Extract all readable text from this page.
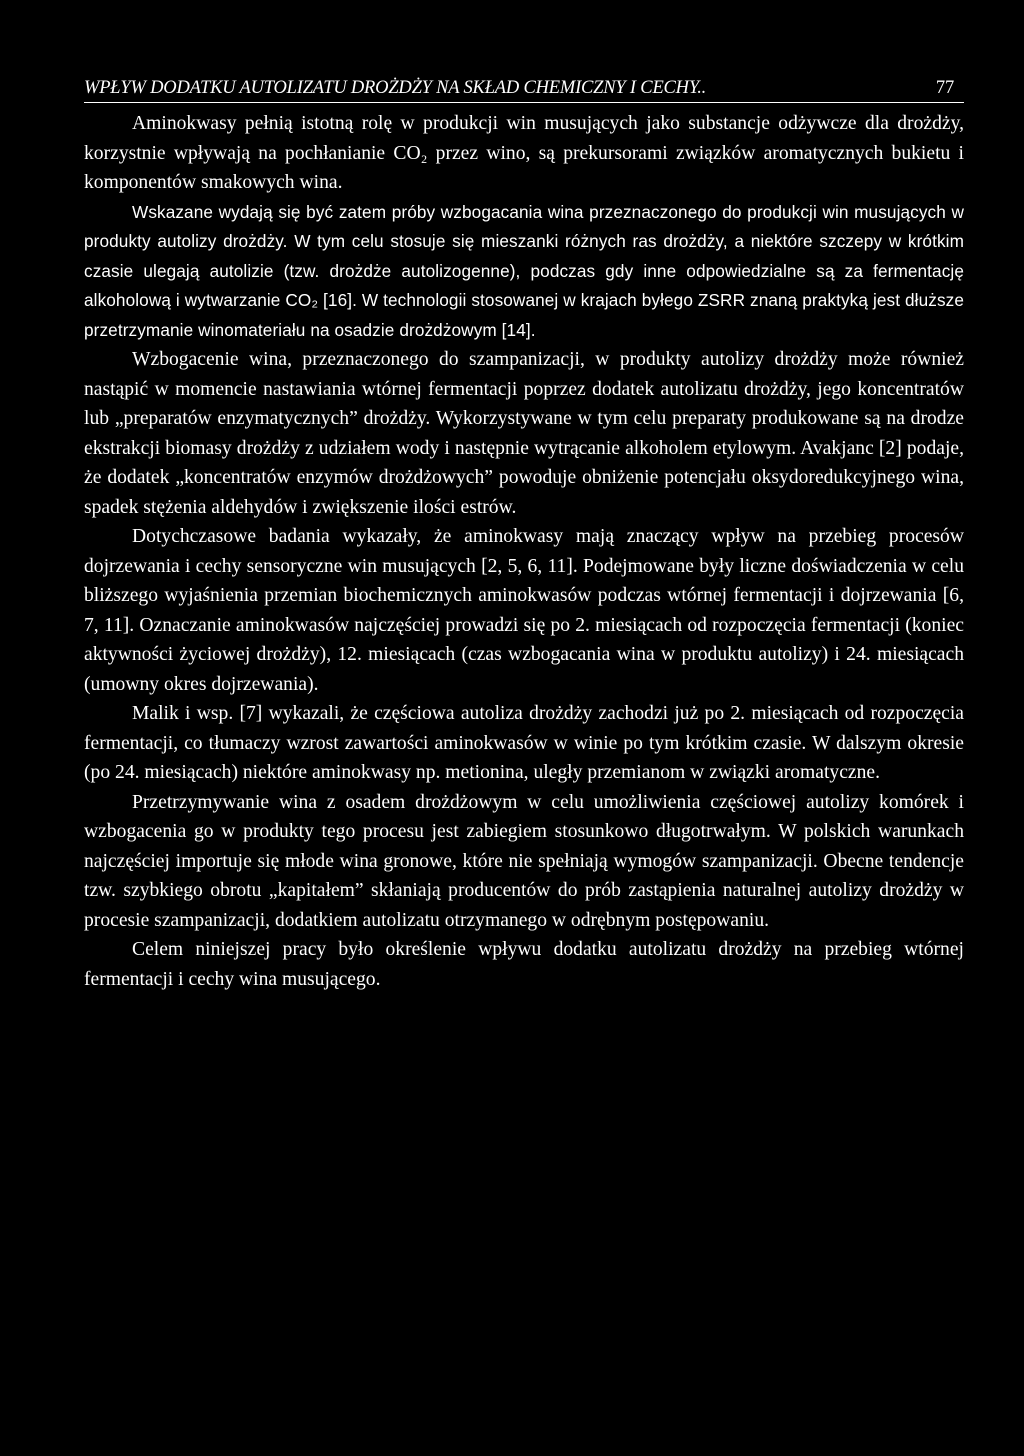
WPŁYW DODATKU AUTOLIZATU DROŻDŻY NA SKŁAD CHEMICZNY I CECHY..	77

Aminokwasy pełnią istotną rolę w produkcji win musujących jako substancje odżywcze dla drożdży, korzystnie wpływają na pochłanianie CO₂ przez wino, są prekursorami związków aromatycznych bukietu i komponentów smakowych wina.

Wskazane wydają się być zatem próby wzbogacania wina przeznaczonego do produkcji win musujących w produkty autolizy drożdży. W tym celu stosuje się mieszanki różnych ras drożdży, a niektóre szczepy w krótkim czasie ulegają autolizie (tzw. drożdże autolizogenne), podczas gdy inne odpowiedzialne są za fermentację alkoholową i wytwarzanie CO₂ [16]. W technologii stosowanej w krajach byłego ZSRR znaną praktyką jest dłuższe przetrzymanie winomateriału na osadzie drożdżowym [14].

Wzbogacenie wina, przeznaczonego do szampanizacji, w produkty autolizy drożdży może również nastąpić w momencie nastawiania wtórnej fermentacji poprzez dodatek autolizatu drożdży, jego koncentratów lub „preparatów enzymatycznych” drożdży. Wykorzystywane w tym celu preparaty produkowane są na drodze ekstrakcji biomasy drożdży z udziałem wody i następnie wytrącanie alkoholem etylowym. Avakjanc [2] podaje, że dodatek „koncentratów enzymów drożdżowych” powoduje obniżenie potencjału oksydoredukcyjnego wina, spadek stężenia aldehydów i zwiększenie ilości estrów.

Dotychczasowe badania wykazały, że aminokwasy mają znaczący wpływ na przebieg procesów dojrzewania i cechy sensoryczne win musujących [2, 5, 6, 11]. Podejmowane były liczne doświadczenia w celu bliższego wyjaśnienia przemian biochemicznych aminokwasów podczas wtórnej fermentacji i dojrzewania [6, 7, 11]. Oznaczanie aminokwasów najczęściej prowadzi się po 2. miesiącach od rozpoczęcia fermentacji (koniec aktywności życiowej drożdży), 12. miesiącach (czas wzbogacania wina w produktu autolizy) i 24. miesiącach (umowny okres dojrzewania).

Malik i wsp. [7] wykazali, że częściowa autoliza drożdży zachodzi już po 2. miesiącach od rozpoczęcia fermentacji, co tłumaczy wzrost zawartości aminokwasów w winie po tym krótkim czasie. W dalszym okresie (po 24. miesiącach) niektóre aminokwasy np. metionina, uległy przemianom w związki aromatyczne.

Przetrzymywanie wina z osadem drożdżowym w celu umożliwienia częściowej autolizy komórek i wzbogacenia go w produkty tego procesu jest zabiegiem stosunkowo długotrwałym. W polskich warunkach najczęściej importuje się młode wina gronowe, które nie spełniają wymogów szampanizacji. Obecne tendencje tzw. szybkiego obrotu „kapitałem” skłaniają producentów do prób zastąpienia naturalnej autolizy drożdży w procesie szampanizacji, dodatkiem autolizatu otrzymanego w odrębnym postępowaniu.

Celem niniejszej pracy było określenie wpływu dodatku autolizatu drożdży na przebieg wtórnej fermentacji i cechy wina musującego.
